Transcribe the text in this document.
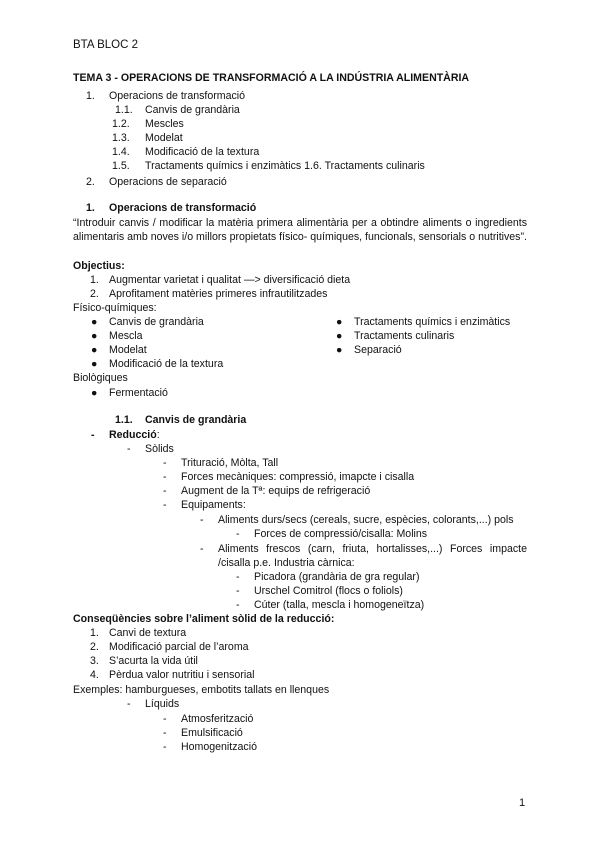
BTA BLOC 2
TEMA 3 - OPERACIONS DE TRANSFORMACIÓ A LA INDÚSTRIA ALIMENTÀRIA
1. Operacions de transformació
1.1. Canvis de grandària
1.2. Mescles
1.3. Modelat
1.4. Modificació de la textura
1.5. Tractaments químics i enzimàtics 1.6. Tractaments culinaris
2. Operacions de separació
1. Operacions de transformació
“Introduir canvis / modificar la matèria primera alimentària per a obtindre aliments o ingredients alimentaris amb noves i/o millors propietats físico- químiques, funcionals, sensorials o nutritives”.
Objectius:
1. Augmentar varietat i qualitat —> diversificació dieta
2. Aprofitament matèries primeres infrautilitzades
Físico-químiques:
● Canvis de grandària
● Mescla
● Modelat
● Modificació de la textura
● Tractaments químics i enzimàtics
● Tractaments culinaris
● Separació
Biològiques
● Fermentació
1.1. Canvis de grandària
- Reducció:
- Sòlids
- Trituració, Mòlta, Tall
- Forces mecàniques: compressió, imapcte i cisalla
- Augment de la Tª: equips de refrigeració
- Equipaments:
- Aliments durs/secs (cereals, sucre, espècies, colorants,...) pols
- Forces de compressió/cisalla: Molins
- Aliments frescos (carn, friuta, hortalisses,...) Forces impacte /cisalla p.e. Industria càrnica:
- Picadora (grandària de gra regular)
- Urschel Comitrol (flocs o foliols)
- Cúter (talla, mescla i homogeneïtza)
Conseqüències sobre l’aliment sòlid de la reducció:
1. Canvi de textura
2. Modificació parcial de l’aroma
3. S’acurta la vida útil
4. Pèrdua valor nutritiu i sensorial
Exemples: hamburgueses, embotits tallats en llenques
- Líquids
- Atmosferització
- Emulsificació
- Homogenització
1
